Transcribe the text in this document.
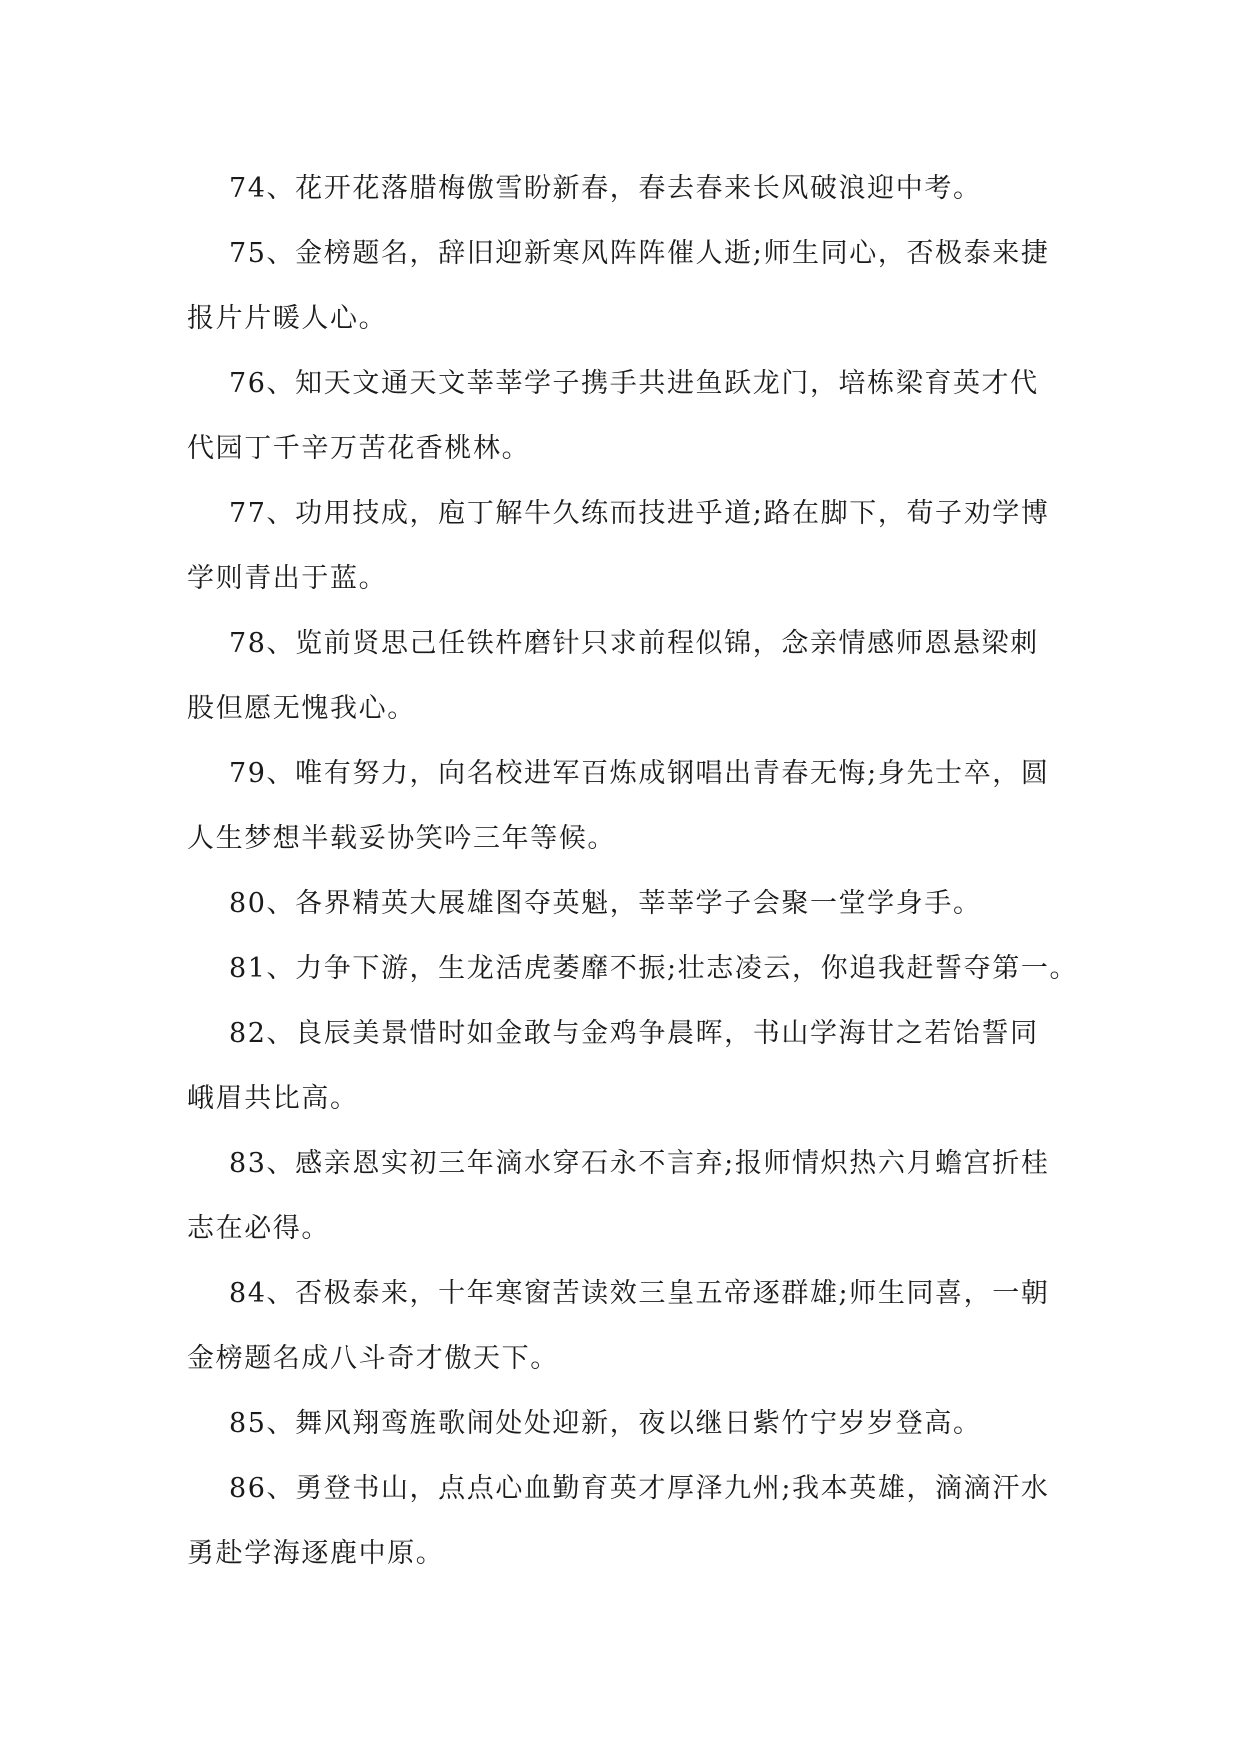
74、花开花落腊梅傲雪盼新春，春去春来长风破浪迎中考。
75、金榜题名，辞旧迎新寒风阵阵催人逝;师生同心，否极泰来捷
报片片暖人心。
76、知天文通天文莘莘学子携手共进鱼跃龙门，培栋梁育英才代
代园丁千辛万苦花香桃林。
77、功用技成，庖丁解牛久练而技进乎道;路在脚下，荀子劝学博
学则青出于蓝。
78、览前贤思己任铁杵磨针只求前程似锦，念亲情感师恩悬梁刺
股但愿无愧我心。
79、唯有努力，向名校进军百炼成钢唱出青春无悔;身先士卒，圆
人生梦想半载妥协笑吟三年等候。
80、各界精英大展雄图夺英魁，莘莘学子会聚一堂学身手。
81、力争下游，生龙活虎萎靡不振;壮志凌云，你追我赶誓夺第一。
82、良辰美景惜时如金敢与金鸡争晨晖，书山学海甘之若饴誓同
峨眉共比高。
83、感亲恩实初三年滴水穿石永不言弃;报师情炽热六月蟾宫折桂
志在必得。
84、否极泰来，十年寒窗苦读效三皇五帝逐群雄;师生同喜，一朝
金榜题名成八斗奇才傲天下。
85、舞风翔鸾旌歌闹处处迎新，夜以继日紫竹宁岁岁登高。
86、勇登书山，点点心血勤育英才厚泽九州;我本英雄，滴滴汗水
勇赴学海逐鹿中原。
